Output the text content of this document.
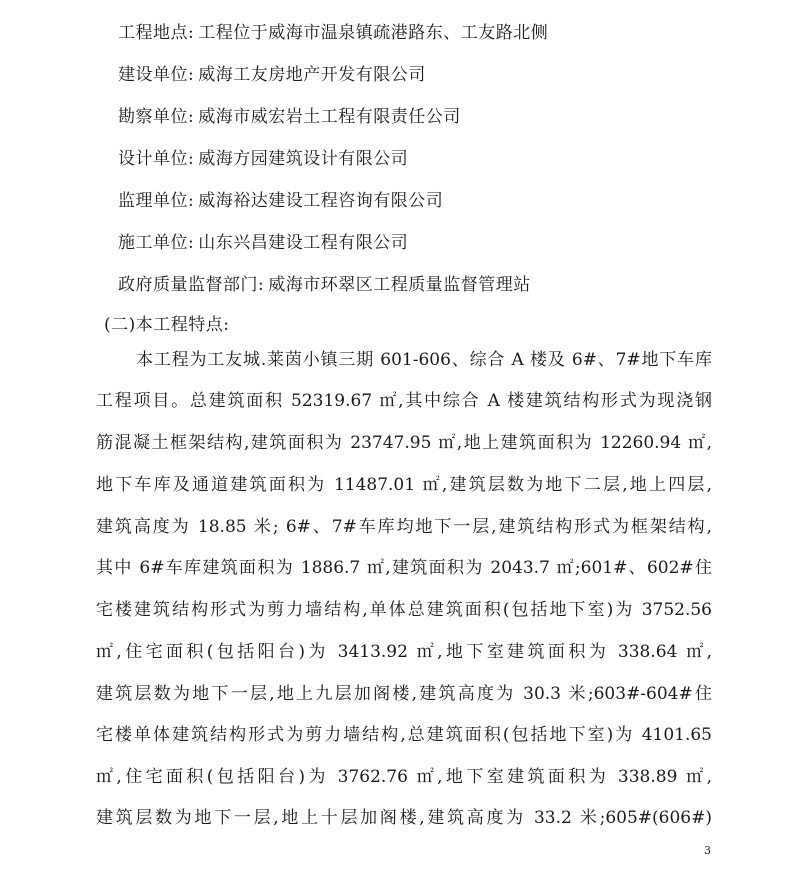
工程地点: 工程位于威海市温泉镇疏港路东、工友路北侧
建设单位: 威海工友房地产开发有限公司
勘察单位: 威海市威宏岩土工程有限责任公司
设计单位: 威海方园建筑设计有限公司
监理单位: 威海裕达建设工程咨询有限公司
施工单位: 山东兴昌建设工程有限公司
政府质量监督部门: 威海市环翠区工程质量监督管理站
(二)本工程特点:
本工程为工友城.莱茵小镇三期 601-606、综合 A 楼及 6#、7#地下车库
工程项目。总建筑面积 52319.67 ㎡,其中综合 A 楼建筑结构形式为现浇钢
筋混凝土框架结构,建筑面积为 23747.95 ㎡,地上建筑面积为 12260.94 ㎡,
地下车库及通道建筑面积为 11487.01 ㎡,建筑层数为地下二层,地上四层,
建筑高度为 18.85 米; 6#、7#车库均地下一层,建筑结构形式为框架结构,
其中 6#车库建筑面积为 1886.7 ㎡,建筑面积为 2043.7 ㎡;601#、602#住
宅楼建筑结构形式为剪力墙结构,单体总建筑面积(包括地下室)为 3752.56
㎡,住宅面积(包括阳台)为 3413.92 ㎡,地下室建筑面积为 338.64 ㎡,
建筑层数为地下一层,地上九层加阁楼,建筑高度为 30.3 米;603#-604#住
宅楼单体建筑结构形式为剪力墙结构,总建筑面积(包括地下室)为 4101.65
㎡,住宅面积(包括阳台)为 3762.76 ㎡,地下室建筑面积为 338.89 ㎡,
建筑层数为地下一层,地上十层加阁楼,建筑高度为 33.2 米;605#(606#)
3
